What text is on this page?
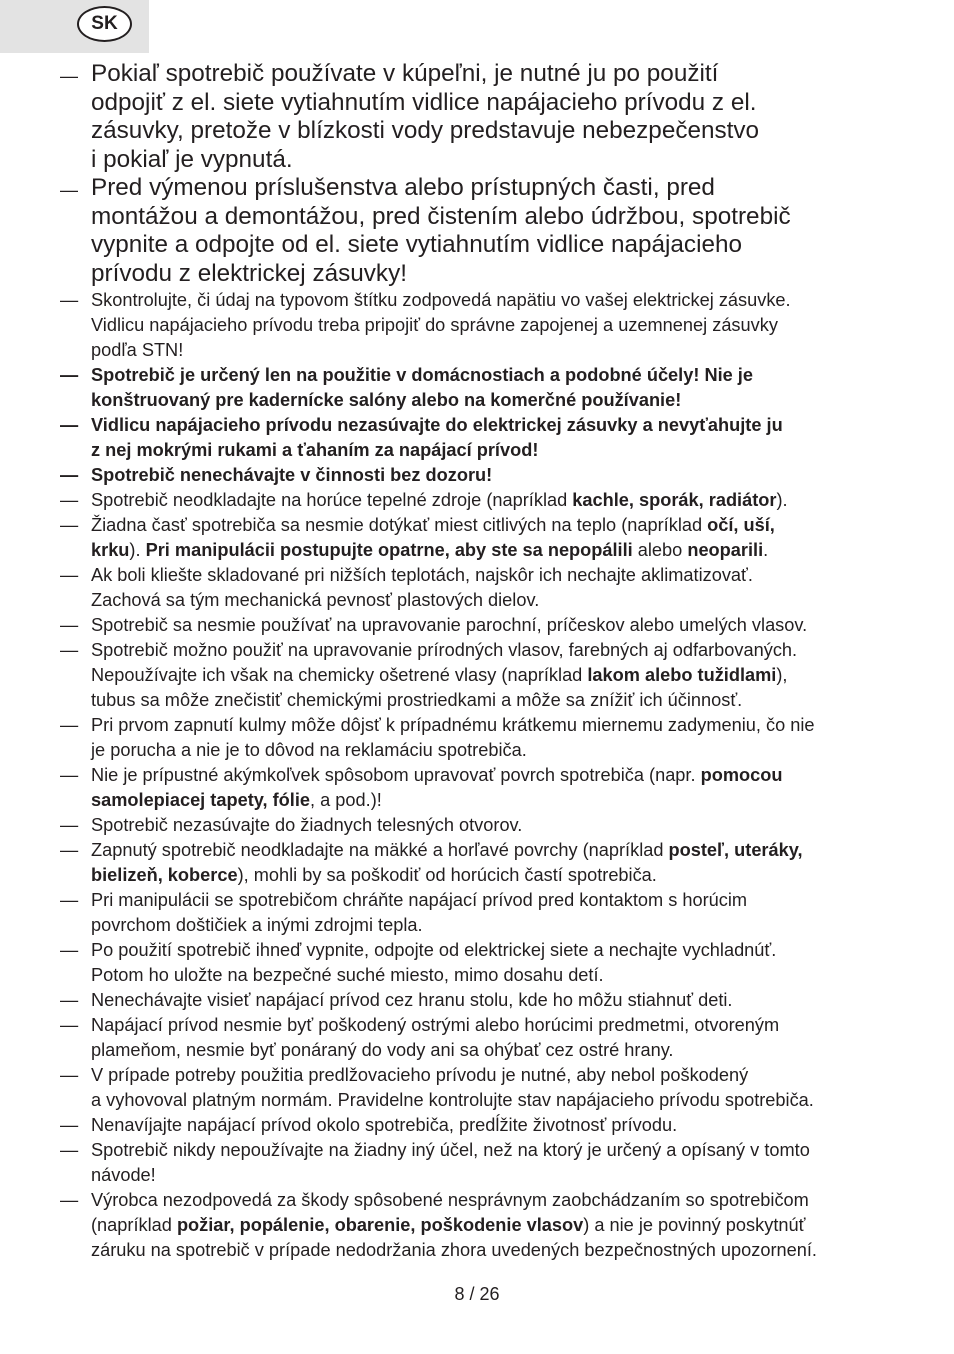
SK
— Pokiaľ spotrebič používate v kúpeľni, je nutné ju po použití
odpojiť z el. siete vytiahnutím vidlice napájacieho prívodu z el.
zásuvky, pretože v blízkosti vody predstavuje nebezpečenstvo
i pokiaľ je vypnutá.
— Pred výmenou príslušenstva alebo prístupných časti, pred
montážou a demontážou, pred čistením alebo údržbou, spotrebič
vypnite a odpojte od el. siete vytiahnutím vidlice napájacieho
prívodu z elektrickej zásuvky!
— Skontrolujte, či údaj na typovom štítku zodpovedá napätiu vo vašej elektrickej zásuvke.
Vidlicu napájacieho prívodu treba pripojiť do správne zapojenej a uzemnenej zásuvky
podľa STN!
— Spotrebič je určený len na použitie v domácnostiach a podobné účely! Nie je
konštruovaný pre kadernícke salóny alebo na komerčné používanie!
— Vidlicu napájacieho prívodu nezasúvajte do elektrickej zásuvky a nevyťahujte ju
z nej mokrými rukami a ťahaním za napájací prívod!
— Spotrebič nenechávajte v činnosti bez dozoru!
— Spotrebič neodkladajte na horúce tepelné zdroje (napríklad kachle, sporák, radiátor).
— Žiadna časť spotrebiča sa nesmie dotýkať miest citlivých na teplo (napríklad očí, uší,
krku). Pri manipulácii postupujte opatrne, aby ste sa nepopálili alebo neoparili.
— Ak boli kliešte skladované pri nižších teplotách, najskôr ich nechajte aklimatizovať.
Zachová sa tým mechanická pevnosť plastových dielov.
— Spotrebič sa nesmie používať na upravovanie parochní, príčeskov alebo umelých vlasov.
— Spotrebič možno použiť na upravovanie prírodných vlasov, farebných aj odfarbovaných.
Nepoužívajte ich však na chemicky ošetrené vlasy (napríklad lakom alebo tužidlami),
tubus sa môže znečistiť chemickými prostriedkami a môže sa znížiť ich účinnosť.
— Pri prvom zapnutí kulmy môže dôjsť k prípadnému krátkemu miernemu zadymeniu, čo nie
je porucha a nie je to dôvod na reklamáciu spotrebiča.
— Nie je prípustné akýmkoľvek spôsobom upravovať povrch spotrebiča (napr. pomocou
samolepiacej tapety, fólie, a pod.)!
— Spotrebič nezasúvajte do žiadnych telesných otvorov.
— Zapnutý spotrebič neodkladajte na mäkké a horľavé povrchy (napríklad posteľ, uteráky,
bielizeň, koberce), mohli by sa poškodiť od horúcich častí spotrebiča.
— Pri manipulácii se spotrebičom chráňte napájací prívod pred kontaktom s horúcim
povrchom doštičiek a inými zdrojmi tepla.
— Po použití spotrebič ihneď vypnite, odpojte od elektrickej siete a nechajte vychladnúť.
Potom ho uložte na bezpečné suché miesto, mimo dosahu detí.
— Nenechávajte visieť napájací prívod cez hranu stolu, kde ho môžu stiahnuť deti.
— Napájací prívod nesmie byť poškodený ostrými alebo horúcimi predmetmi, otvoreným
plameňom, nesmie byť ponáraný do vody ani sa ohýbať cez ostré hrany.
— V prípade potreby použitia predlžovacieho prívodu je nutné, aby nebol poškodený
a vyhovoval platným normám. Pravidelne kontrolujte stav napájacieho prívodu spotrebiča.
— Nenavíjajte napájací prívod okolo spotrebiča, predĺžite životnosť prívodu.
— Spotrebič nikdy nepoužívajte na žiadny iný účel, než na ktorý je určený a opísaný v tomto
návode!
— Výrobca nezodpovedá za škody spôsobené nesprávnym zaobchádzaním so spotrebičom
(napríklad požiar, popálenie, obarenie, poškodenie vlasov) a nie je povinný poskytnúť
záruku na spotrebič v prípade nedodržania zhora uvedených bezpečnostných upozornení.
8 / 26
